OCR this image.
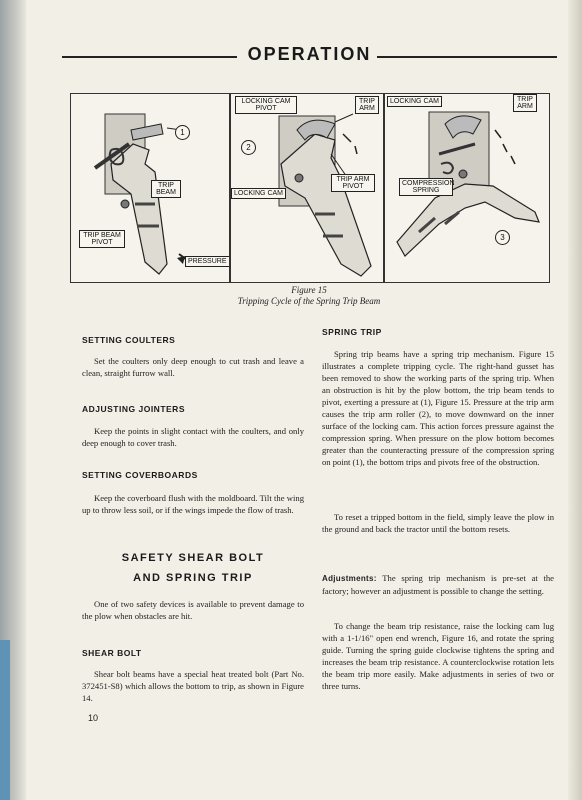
OPERATION
1
TRIP BEAM
TRIP BEAM PIVOT
PRESSURE
LOCKING CAM PIVOT
TRIP ARM
2
TRIP ARM PIVOT
LOCKING CAM
LOCKING CAM	TRIP ARM
COMPRESSION SPRING
3
Figure 15
Tripping Cycle of the Spring Trip Beam
SETTING COULTERS
Set the coulters only deep enough to cut trash and leave a clean, straight furrow wall.
ADJUSTING JOINTERS
Keep the points in slight contact with the coulters, and only deep enough to cover trash.
SETTING COVERBOARDS
Keep the coverboard flush with the moldboard. Tilt the wing up to throw less soil, or if the wings impede the flow of trash.
SAFETY SHEAR BOLT
AND SPRING TRIP
One of two safety devices is available to prevent damage to the plow when obstacles are hit.
SHEAR BOLT
Shear bolt beams have a special heat treated bolt (Part No. 372451-S8) which allows the bottom to trip, as shown in Figure 14.
10
SPRING TRIP
Spring trip beams have a spring trip mechanism. Figure 15 illustrates a complete tripping cycle. The right-hand gusset has been removed to show the working parts of the spring trip. When an obstruction is hit by the plow bottom, the trip beam tends to pivot, exerting a pressure at (1), Figure 15. Pressure at the trip arm causes the trip arm roller (2), to move downward on the inner surface of the locking cam. This action forces pressure against the compression spring. When pressure on the plow bottom becomes greater than the counteracting pressure of the compression spring on point (1), the bottom trips and pivots free of the obstruction.
To reset a tripped bottom in the field, simply leave the plow in the ground and back the tractor until the bottom resets.
Adjustments: The spring trip mechanism is pre-set at the factory; however an adjustment is possible to change the setting.
To change the beam trip resistance, raise the locking cam lug with a 1-1/16" open end wrench, Figure 16, and rotate the spring guide. Turning the spring guide clockwise tightens the spring and increases the beam trip resistance. A counterclockwise rotation lets the beam trip more easily. Make adjustments in series of two or three turns.
